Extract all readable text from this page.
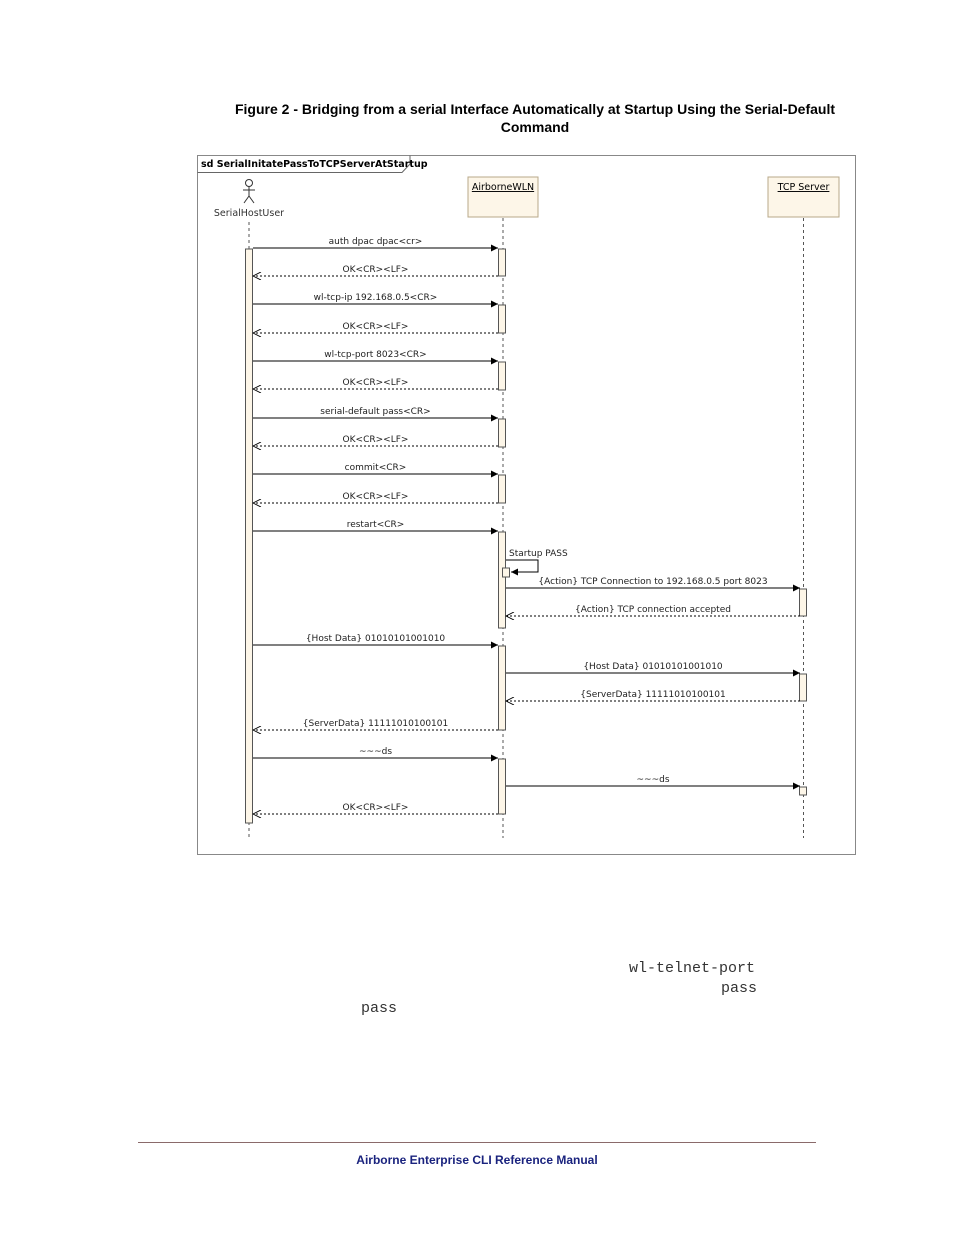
Figure 2 - Bridging from a serial Interface Automatically at Startup Using the Serial-Default
Command
sd SerialInitatePassToTCPServerAtStartup
SerialHostUser
AirborneWLN	TCP Server
auth dpac dpac<cr>
OK<CR><LF>
wl-tcp-ip 192.168.0.5<CR>
OK<CR><LF>
wl-tcp-port 8023<CR>
OK<CR><LF>
serial-default pass<CR>
OK<CR><LF>
commit<CR>
OK<CR><LF>
restart<CR>
Startup PASS
{Action} TCP Connection to 192.168.0.5 port 8023
{Action} TCP connection accepted
{Host Data} 01010101001010
{Host Data} 01010101001010
{ServerData} 11111010100101
{ServerData} 11111010100101
~~~ds
~~~ds
OK<CR><LF>
wl-telnet-port
pass
pass
Airborne Enterprise CLI Reference Manual
